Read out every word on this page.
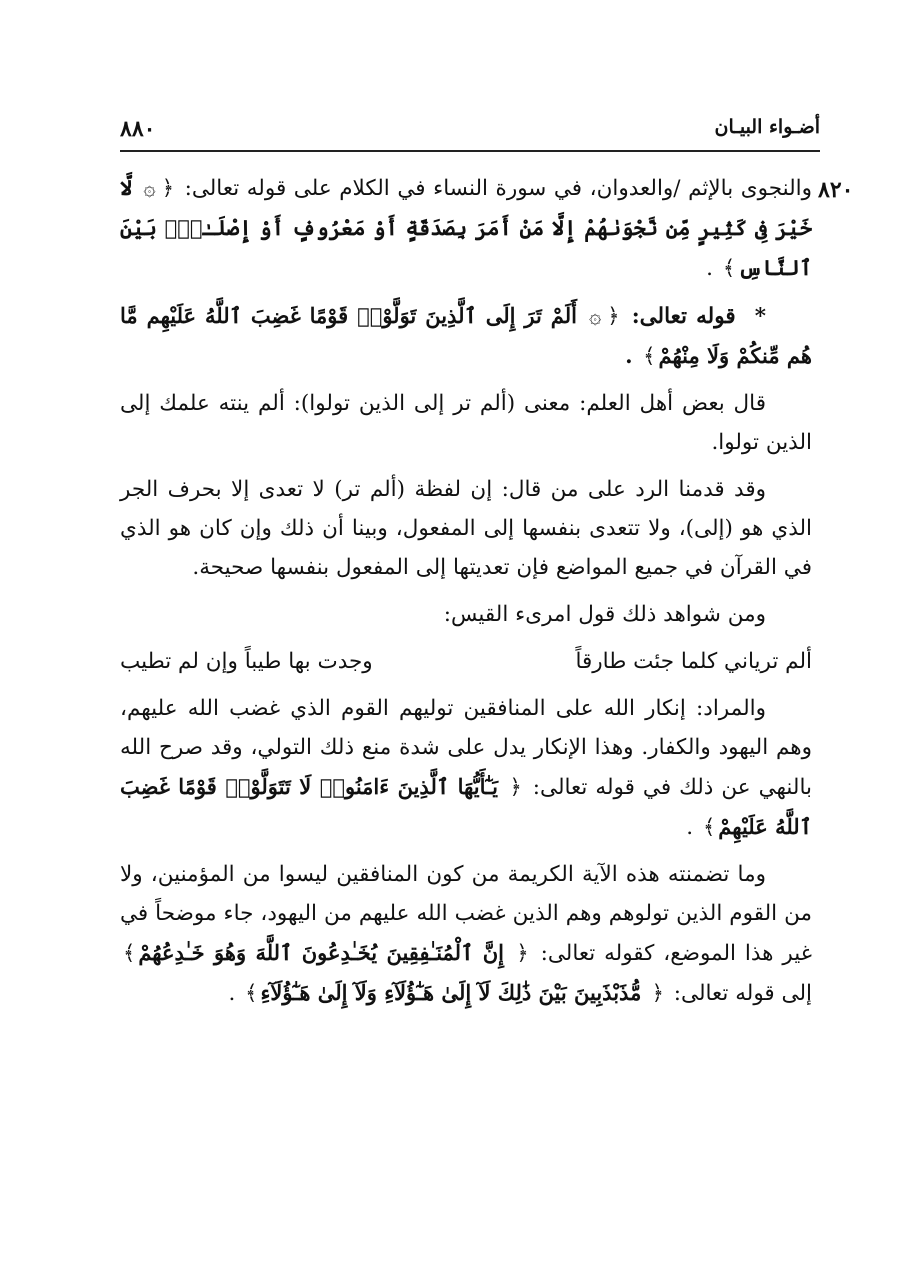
أضـواء البيـان
٨٨٠
٨٢٠

والنجوى بالإثم /والعدوان، في سورة النساء في الكلام على قوله تعالى: ﴿۞ لَّا خَيْرَ فِى كَثِيرٍ مِّن نَّجْوَىٰهُمْ إِلَّا مَنْ أَمَرَ بِصَدَقَةٍ أَوْ مَعْرُوفٍ أَوْ إِصْلَـٰحٍۭ بَيْنَ ٱلنَّاسِ﴾ .

* قوله تعالى: ﴿۞ أَلَمْ تَرَ إِلَى ٱلَّذِينَ تَوَلَّوْا۟ قَوْمًا غَضِبَ ٱللَّهُ عَلَيْهِم مَّا هُم مِّنكُمْ وَلَا مِنْهُمْ﴾ .

قال بعض أهل العلم: معنى (ألم تر إلى الذين تولوا): ألم ينته علمك إلى الذين تولوا.

وقد قدمنا الرد على من قال: إن لفظة (ألم تر) لا تعدى إلا بحرف الجر الذي هو (إلى)، ولا تتعدى بنفسها إلى المفعول، وبينا أن ذلك وإن كان هو الذي في القرآن في جميع المواضع فإن تعديتها إلى المفعول بنفسها صحيحة.

ومن شواهد ذلك قول امرىء القيس:

ألم ترياني كلما جئت طارقاً
وجدت بها طيباً وإن لم تطيب

والمراد: إنكار الله على المنافقين توليهم القوم الذي غضب الله عليهم، وهم اليهود والكفار. وهذا الإنكار يدل على شدة منع ذلك التولي، وقد صرح الله بالنهي عن ذلك في قوله تعالى: ﴿ يَـٰٓأَيُّهَا ٱلَّذِينَ ءَامَنُوا۟ لَا تَتَوَلَّوْا۟ قَوْمًا غَضِبَ ٱللَّهُ عَلَيْهِمْ﴾ .

وما تضمنته هذه الآية الكريمة من كون المنافقين ليسوا من المؤمنين، ولا من القوم الذين تولوهم وهم الذين غضب الله عليهم من اليهود، جاء موضحاً في غير هذا الموضع، كقوله تعالى: ﴿ إِنَّ ٱلْمُنَـٰفِقِينَ يُخَـٰدِعُونَ ٱللَّهَ وَهُوَ خَـٰدِعُهُمْ﴾ إلى قوله تعالى: ﴿ مُّذَبْذَبِينَ بَيْنَ ذَٰلِكَ لَآ إِلَىٰ هَـٰٓؤُلَآءِ وَلَآ إِلَىٰ هَـٰٓؤُلَآءِ﴾ .
